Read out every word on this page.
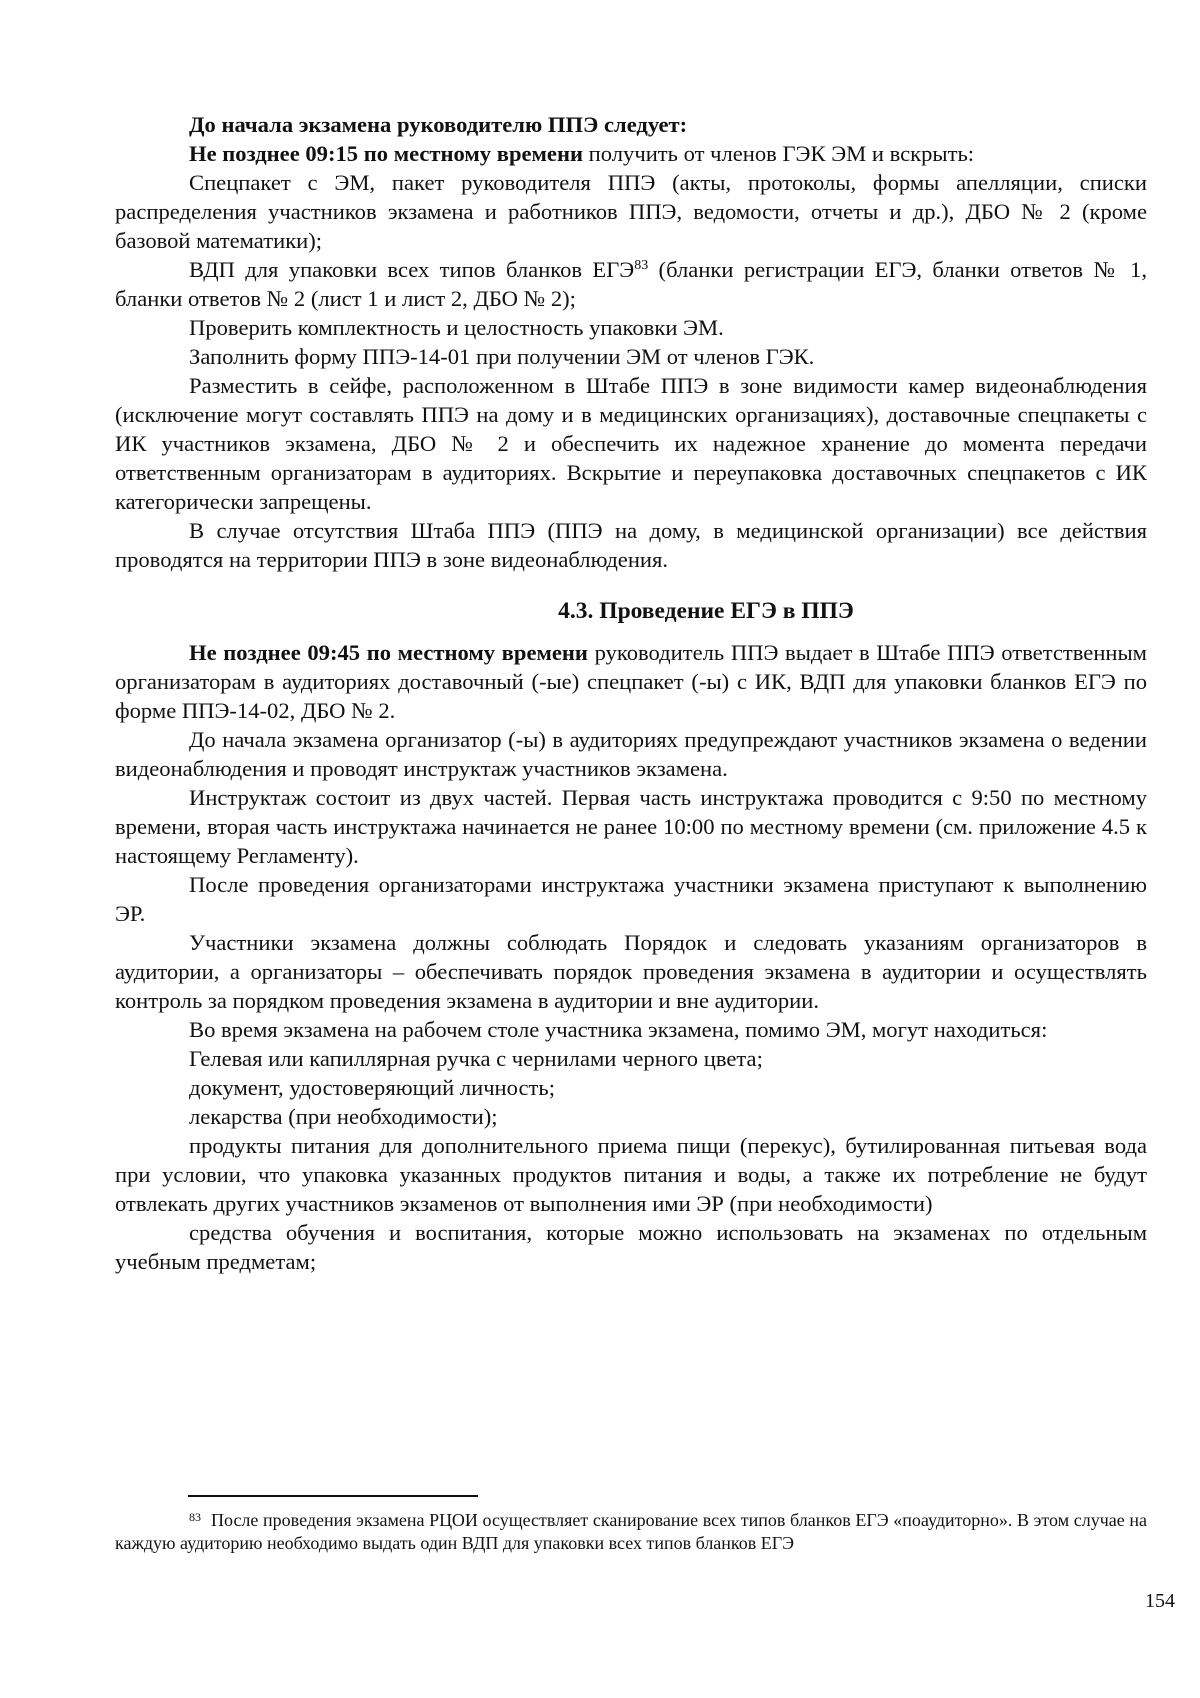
До начала экзамена руководителю ППЭ следует:

Не позднее 09:15 по местному времени получить от членов ГЭК ЭМ и вскрыть:

Спецпакет с ЭМ, пакет руководителя ППЭ (акты, протоколы, формы апелляции, списки распределения участников экзамена и работников ППЭ, ведомости, отчеты и др.), ДБО № 2 (кроме базовой математики);

ВДП для упаковки всех типов бланков ЕГЭ$^{83}$ (бланки регистрации ЕГЭ, бланки ответов № 1, бланки ответов № 2 (лист 1 и лист 2, ДБО № 2);

Проверить комплектность и целостность упаковки ЭМ.

Заполнить форму ППЭ-14-01 при получении ЭМ от членов ГЭК.

Разместить в сейфе, расположенном в Штабе ППЭ в зоне видимости камер видеонаблюдения (исключение могут составлять ППЭ на дому и в медицинских организациях), доставочные спецпакеты с ИК участников экзамена, ДБО № 2 и обеспечить их надежное хранение до момента передачи ответственным организаторам в аудиториях. Вскрытие и переупаковка доставочных спецпакетов с ИК категорически запрещены.

В случае отсутствия Штаба ППЭ (ППЭ на дому, в медицинской организации) все действия проводятся на территории ППЭ в зоне видеонаблюдения.

4.3. Проведение ЕГЭ в ППЭ

Не позднее 09:45 по местному времени руководитель ППЭ выдает в Штабе ППЭ ответственным организаторам в аудиториях доставочный (-ые) спецпакет (-ы) с ИК, ВДП для упаковки бланков ЕГЭ по форме ППЭ-14-02, ДБО № 2.

До начала экзамена организатор (-ы) в аудиториях предупреждают участников экзамена о ведении видеонаблюдения и проводят инструктаж участников экзамена.

Инструктаж состоит из двух частей. Первая часть инструктажа проводится с 9:50 по местному времени, вторая часть инструктажа начинается не ранее 10:00 по местному времени (см. приложение 4.5 к настоящему Регламенту).

После проведения организаторами инструктажа участники экзамена приступают к выполнению ЭР.

Участники экзамена должны соблюдать Порядок и следовать указаниям организаторов в аудитории, а организаторы – обеспечивать порядок проведения экзамена в аудитории и осуществлять контроль за порядком проведения экзамена в аудитории и вне аудитории.

Во время экзамена на рабочем столе участника экзамена, помимо ЭМ, могут находиться:

Гелевая или капиллярная ручка с чернилами черного цвета;

документ, удостоверяющий личность;

лекарства (при необходимости);

продукты питания для дополнительного приема пищи (перекус), бутилированная питьевая вода при условии, что упаковка указанных продуктов питания и воды, а также их потребление не будут отвлекать других участников экзаменов от выполнения ими ЭР (при необходимости)

средства обучения и воспитания, которые можно использовать на экзаменах по отдельным учебным предметам;

$^{83}$ После проведения экзамена РЦОИ осуществляет сканирование всех типов бланков ЕГЭ «поаудиторно». В этом случае на каждую аудиторию необходимо выдать один ВДП для упаковки всех типов бланков ЕГЭ
154
